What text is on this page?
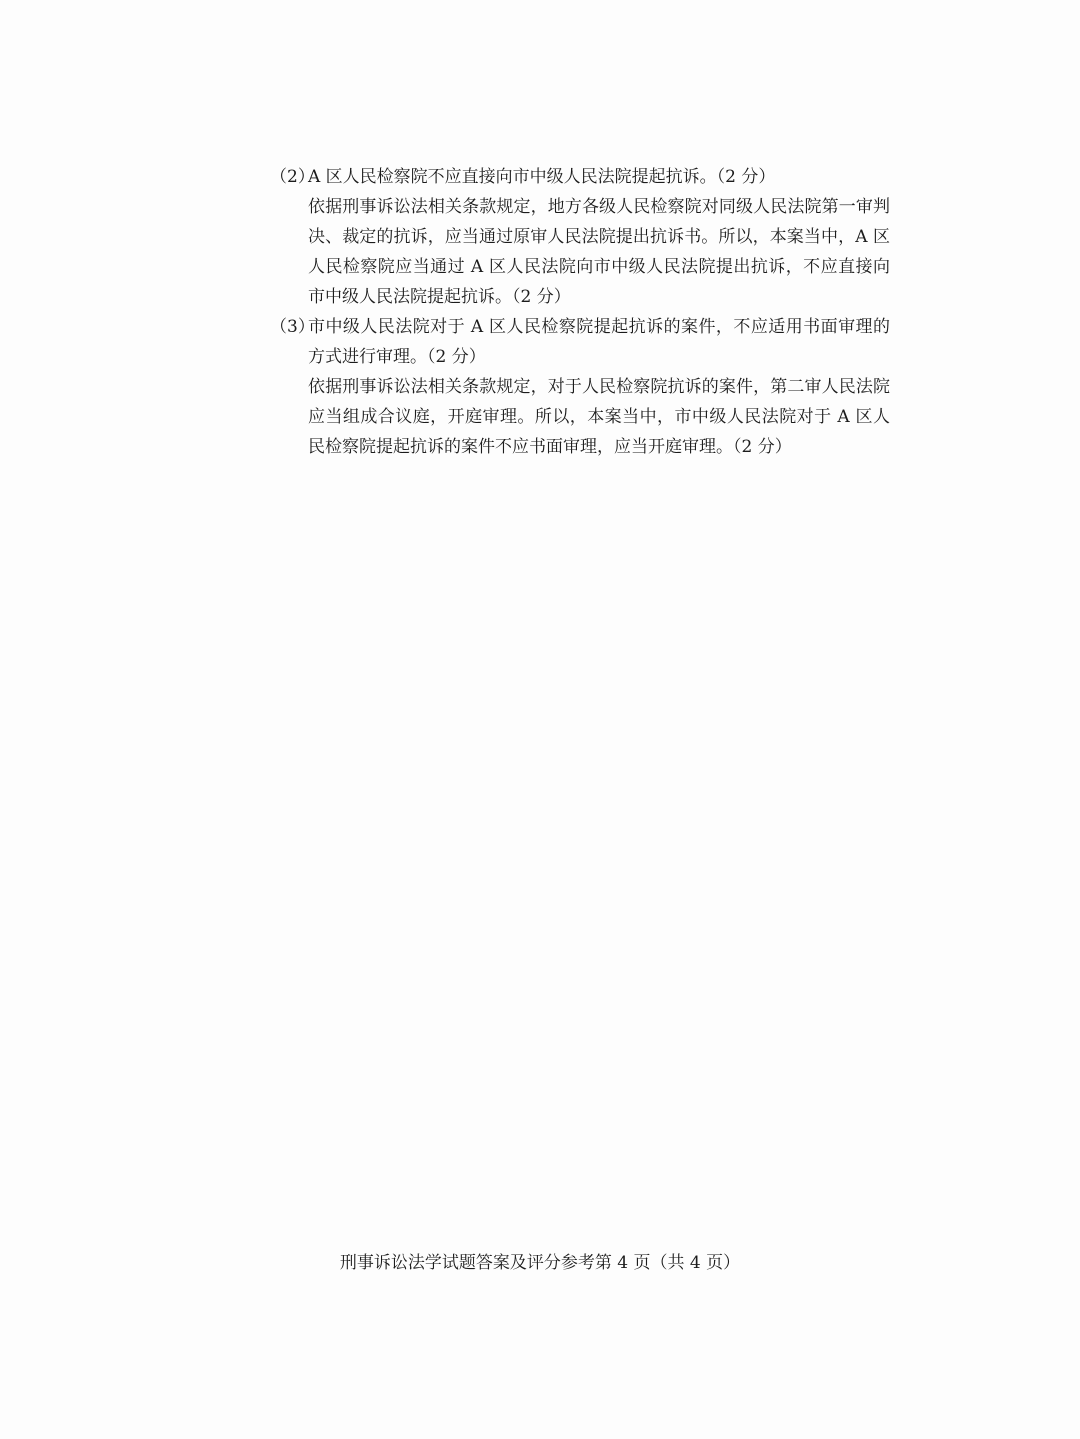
（2）
A 区人民检察院不应直接向市中级人民法院提起抗诉。（2 分）
依据刑事诉讼法相关条款规定，地方各级人民检察院对同级人民法院第一审判决、裁定的抗诉，应当通过原审人民法院提出抗诉书。所以，本案当中，A 区人民检察院应当通过 A 区人民法院向市中级人民法院提出抗诉，不应直接向市中级人民法院提起抗诉。（2 分）
（3）
市中级人民法院对于 A 区人民检察院提起抗诉的案件，不应适用书面审理的方式进行审理。（2 分）
依据刑事诉讼法相关条款规定，对于人民检察院抗诉的案件，第二审人民法院应当组成合议庭，开庭审理。所以，本案当中，市中级人民法院对于 A 区人民检察院提起抗诉的案件不应书面审理，应当开庭审理。（2 分）
刑事诉讼法学试题答案及评分参考第 4 页（共 4 页）
